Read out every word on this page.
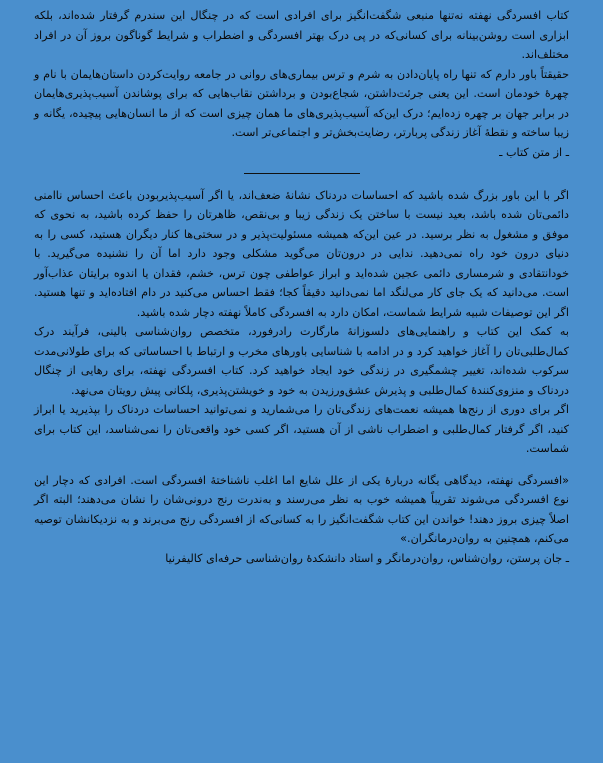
کتاب افسردگی نهفته نه‌تنها منبعی شگفت‌انگیز برای افرادی است که در چنگال این سندرم گرفتار شده‌اند، بلکه ابزاری است روشن‌بینانه برای کسانی‌که در پی درک بهتر افسردگی و اضطراب و شرایط گوناگون بروز آن در افراد مختلف‌اند.

حقیقتاً باور دارم که تنها راه پایان‌دادن به شرم و ترس بیماری‌های روانی در جامعه روایت‌کردن داستان‌هایمان با نام و چهرهٔ خودمان است. این یعنی جرئت‌داشتن، شجاع‌بودن و برداشتن نقاب‌هایی که برای پوشاندن آسیب‌پذیری‌هایمان در برابر جهان بر چهره زده‌ایم؛ درک این‌که آسیب‌پذیری‌های ما همان چیزی است که از ما انسان‌هایی پیچیده، یگانه و زیبا ساخته و نقطهٔ آغاز زندگی پربارتر، رضایت‌بخش‌تر و اجتماعی‌تر است.

ـ از متن کتاب ـ

اگر با این باور بزرگ شده باشید که احساسات دردناک نشانهٔ ضعف‌اند، یا اگر آسیب‌پذیربودن باعث احساس ناامنی دائمی‌تان شده باشد، بعید نیست با ساختن یک زندگی زیبا و بی‌نقص، ظاهرتان را حفظ کرده باشید، به نحوی که موفق و مشغول به نظر برسید. در عین این‌که همیشه مسئولیت‌پذیر و در سختی‌ها کنار دیگران هستید، کسی را به دنیای درون خود راه نمی‌دهید. ندایی در درون‌تان می‌گوید مشکلی وجود دارد اما آن را نشنیده می‌گیرید. با خودانتقادی و شرمساری دائمی عجین شده‌اید و ابراز عواطفی چون ترس، خشم، فقدان یا اندوه برایتان عذاب‌آور است. می‌دانید که یک جای کار می‌لنگد اما نمی‌دانید دقیقاً کجا؛ فقط احساس می‌کنید در دام افتاده‌اید و تنها هستید. اگر این توصیفات شبیه شرایط شماست، امکان دارد به افسردگی کاملاً نهفته دچار شده باشید.

به کمک این کتاب و راهنمایی‌های دلسوزانهٔ مارگارت رادرفورد، متخصص روان‌شناسی بالینی، فرآیند درک کمال‌طلبی‌تان را آغاز خواهید کرد و در ادامه با شناسایی باورهای مخرب و ارتباط با احساساتی که برای طولانی‌مدت سرکوب شده‌اند، تغییر چشمگیری در زندگی خود ایجاد خواهید کرد. کتاب افسردگی نهفته، برای رهایی از چنگال دردناک و منزوی‌کنندهٔ کمال‌طلبی و پذیرش عشق‌ورزیدن به خود و خویشتن‌پذیری، پلکانی پیش رویتان می‌نهد.

اگر برای دوری از رنج‌ها همیشه نعمت‌های زندگی‌تان را می‌شمارید و نمی‌توانید احساسات دردناک را بپذیرید یا ابراز کنید، اگر گرفتار کمال‌طلبی و اضطراب ناشی از آن هستید، اگر کسی خود واقعی‌تان را نمی‌شناسد، این کتاب برای شماست.

«افسردگی نهفته، دیدگاهی یگانه دربارهٔ یکی از علل شایع اما اغلب ناشناختهٔ افسردگی است. افرادی که دچار این نوع افسردگی می‌شوند تقریباً همیشه خوب به نظر می‌رسند و به‌ندرت رنج درونی‌شان را نشان می‌دهند؛ البته اگر اصلاً چیزی بروز دهند! خواندن این کتاب شگفت‌انگیز را به کسانی‌که از افسردگی رنج می‌برند و به نزدیکانشان توصیه می‌کنم، همچنین به روان‌درمانگران.»

ـ جان پرستن، روان‌شناس، روان‌درمانگر و استاد دانشکدهٔ روان‌شناسی حرفه‌ای کالیفرنیا
